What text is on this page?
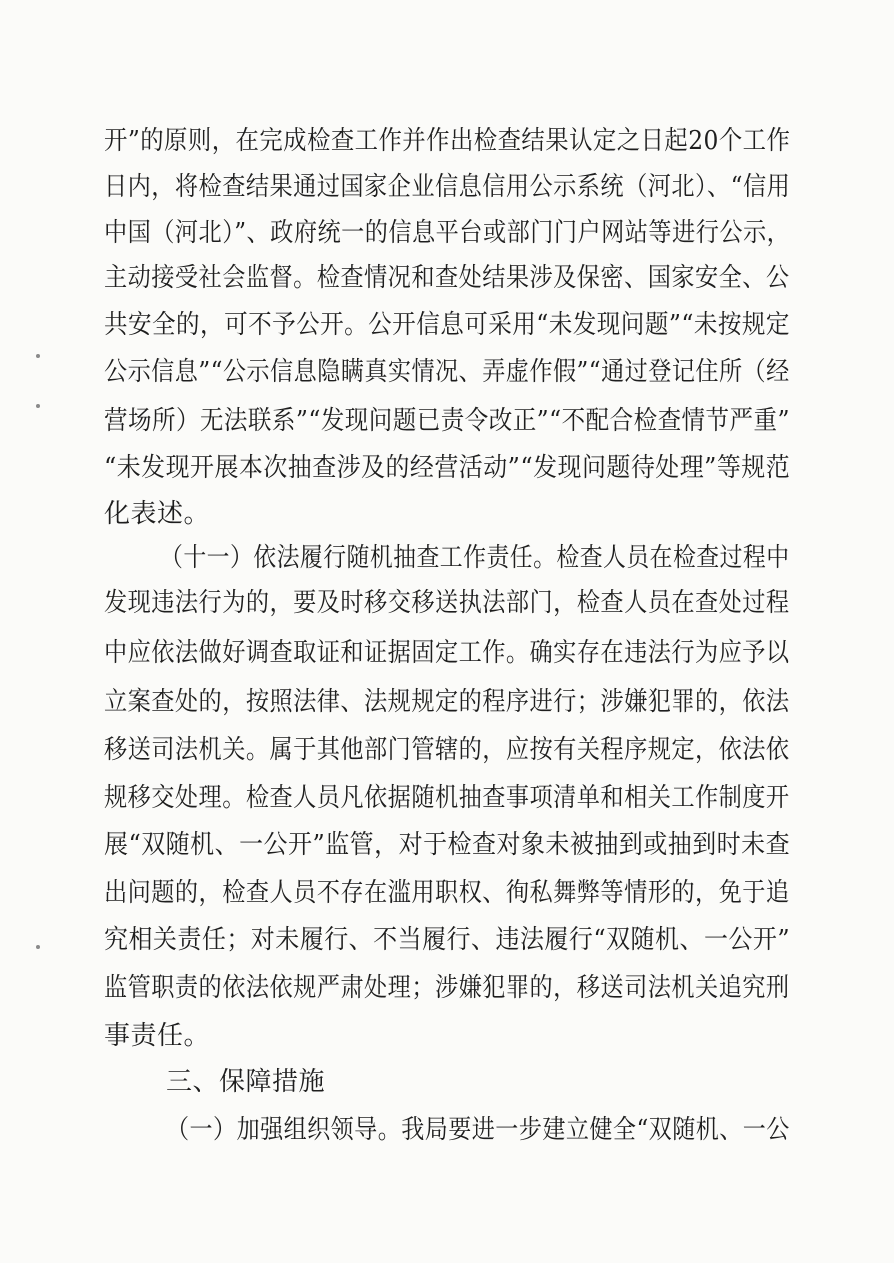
开”的原则，在完成检查工作并作出检查结果认定之日起20个工作
日内，将检查结果通过国家企业信息信用公示系统（河北）、“信用
中国（河北）”、政府统一的信息平台或部门门户网站等进行公示，
主动接受社会监督。检查情况和查处结果涉及保密、国家安全、公
共安全的，可不予公开。公开信息可采用“未发现问题”“未按规定
公示信息”“公示信息隐瞒真实情况、弄虚作假”“通过登记住所（经
营场所）无法联系”“发现问题已责令改正”“不配合检查情节严重”
“未发现开展本次抽查涉及的经营活动”“发现问题待处理”等规范
化表述。
（十一）依法履行随机抽查工作责任。检查人员在检查过程中
发现违法行为的，要及时移交移送执法部门，检查人员在查处过程
中应依法做好调查取证和证据固定工作。确实存在违法行为应予以
立案查处的，按照法律、法规规定的程序进行；涉嫌犯罪的，依法
移送司法机关。属于其他部门管辖的，应按有关程序规定，依法依
规移交处理。检查人员凡依据随机抽查事项清单和相关工作制度开
展“双随机、一公开”监管，对于检查对象未被抽到或抽到时未查
出问题的，检查人员不存在滥用职权、徇私舞弊等情形的，免于追
究相关责任；对未履行、不当履行、违法履行“双随机、一公开”
监管职责的依法依规严肃处理；涉嫌犯罪的，移送司法机关追究刑
事责任。
三、保障措施
（一）加强组织领导。我局要进一步建立健全“双随机、一公
